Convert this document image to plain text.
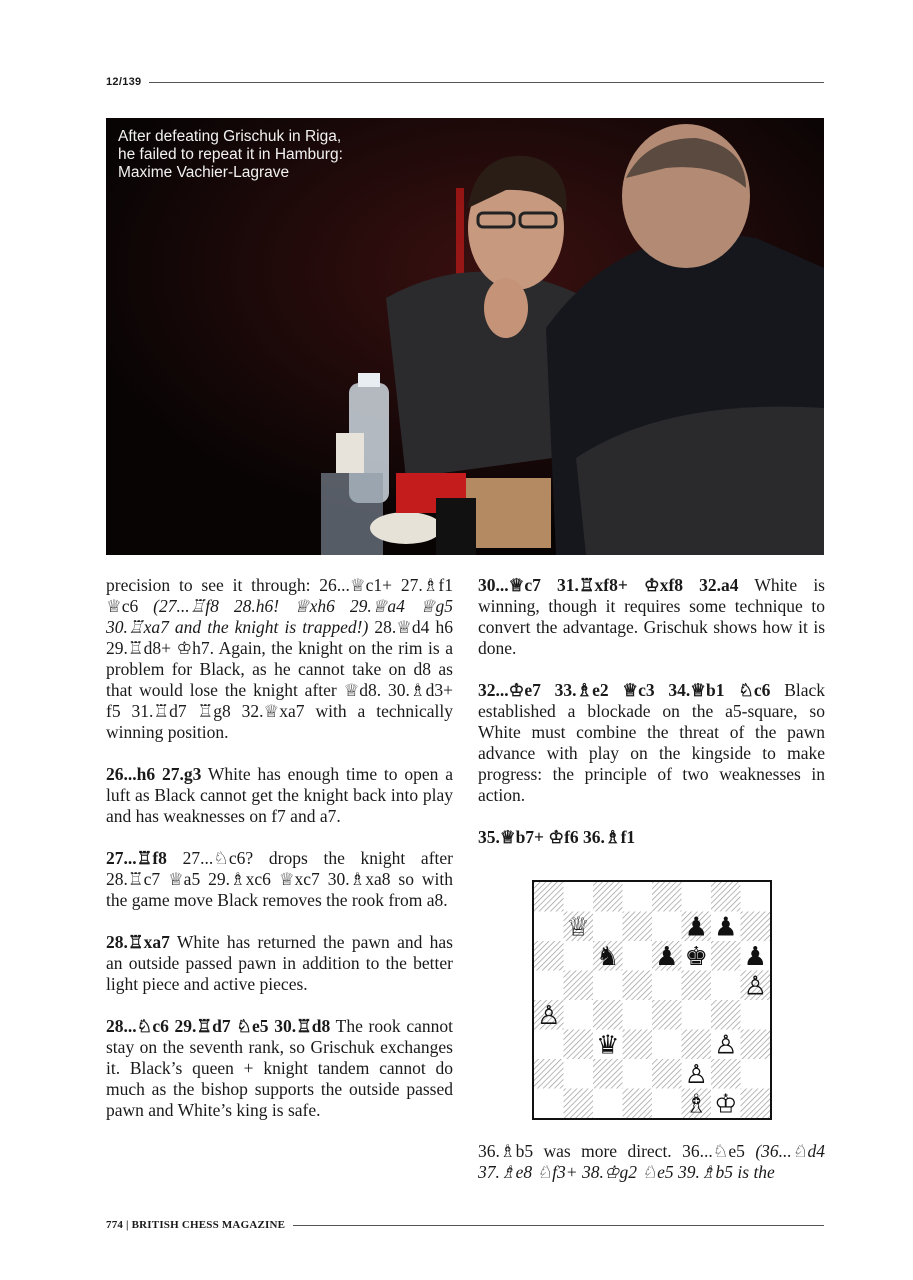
12/139
After defeating Grischuk in Riga,
he failed to repeat it in Hamburg:
Maxime Vachier-Lagrave

precision to see it through: 26...♕c1+ 27.♗f1 ♕c6 (27...♖f8 28.h6! ♕xh6 29.♕a4 ♕g5 30.♖xa7 and the knight is trapped!) 28.♕d4 h6 29.♖d8+ ♔h7. Again, the knight on the rim is a problem for Black, as he cannot take on d8 as that would lose the knight after ♕d8. 30.♗d3+ f5 31.♖d7 ♖g8 32.♕xa7 with a technically winning position.

26...h6 27.g3 White has enough time to open a luft as Black cannot get the knight back into play and has weaknesses on f7 and a7.

27...♖f8 27...♘c6? drops the knight after 28.♖c7 ♕a5 29.♗xc6 ♕xc7 30.♗xa8 so with the game move Black removes the rook from a8.

28.♖xa7 White has returned the pawn and has an outside passed pawn in addition to the better light piece and active pieces.

28...♘c6 29.♖d7 ♘e5 30.♖d8 The rook cannot stay on the seventh rank, so Grischuk exchanges it. Black’s queen + knight tandem cannot do much as the bishop supports the outside passed pawn and White’s king is safe.

30...♕c7 31.♖xf8+ ♔xf8 32.a4 White is winning, though it requires some technique to convert the advantage. Grischuk shows how it is done.

32...♔e7 33.♗e2 ♕c3 34.♕b1 ♘c6 Black established a blockade on the a5-square, so White must combine the threat of the pawn advance with play on the kingside to make progress: the principle of two weaknesses in action.

35.♕b7+ ♔f6 36.♗f1

♕	♟ ♟
♞ ♟ ♚ ♟
♙
♙
♛	♙
♙
♗ ♔
36.♗b5 was more direct. 36...♘e5 (36...♘d4 37.♗e8 ♘f3+ 38.♔g2 ♘e5 39.♗b5 is the
774 | BRITISH CHESS MAGAZINE
